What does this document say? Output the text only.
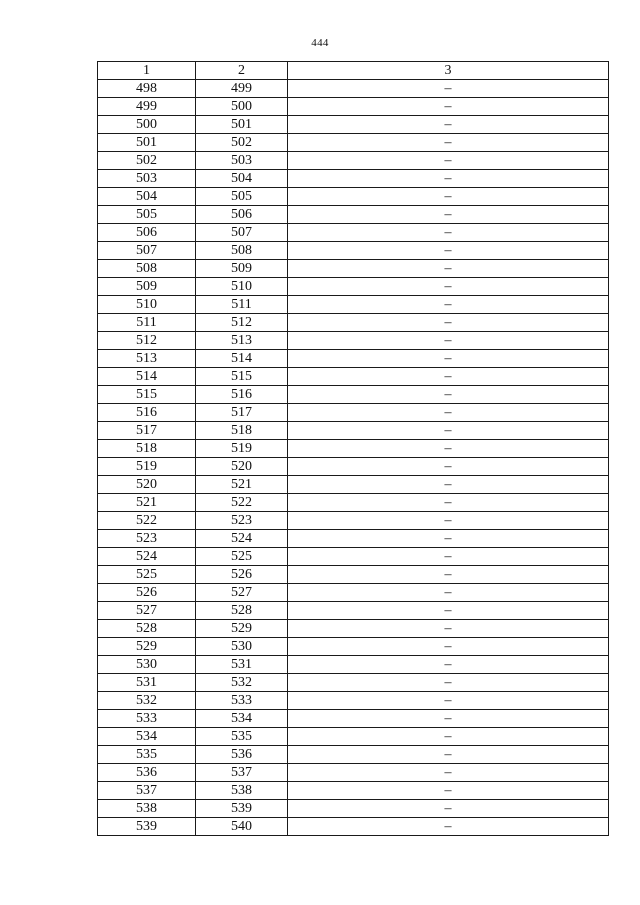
444
1	2	3
498	499	–
499	500	–
500	501	–
501	502	–
502	503	–
503	504	–
504	505	–
505	506	–
506	507	–
507	508	–
508	509	–
509	510	–
510	511	–
511	512	–
512	513	–
513	514	–
514	515	–
515	516	–
516	517	–
517	518	–
518	519	–
519	520	–
520	521	–
521	522	–
522	523	–
523	524	–
524	525	–
525	526	–
526	527	–
527	528	–
528	529	–
529	530	–
530	531	–
531	532	–
532	533	–
533	534	–
534	535	–
535	536	–
536	537	–
537	538	–
538	539	–
539	540	–
